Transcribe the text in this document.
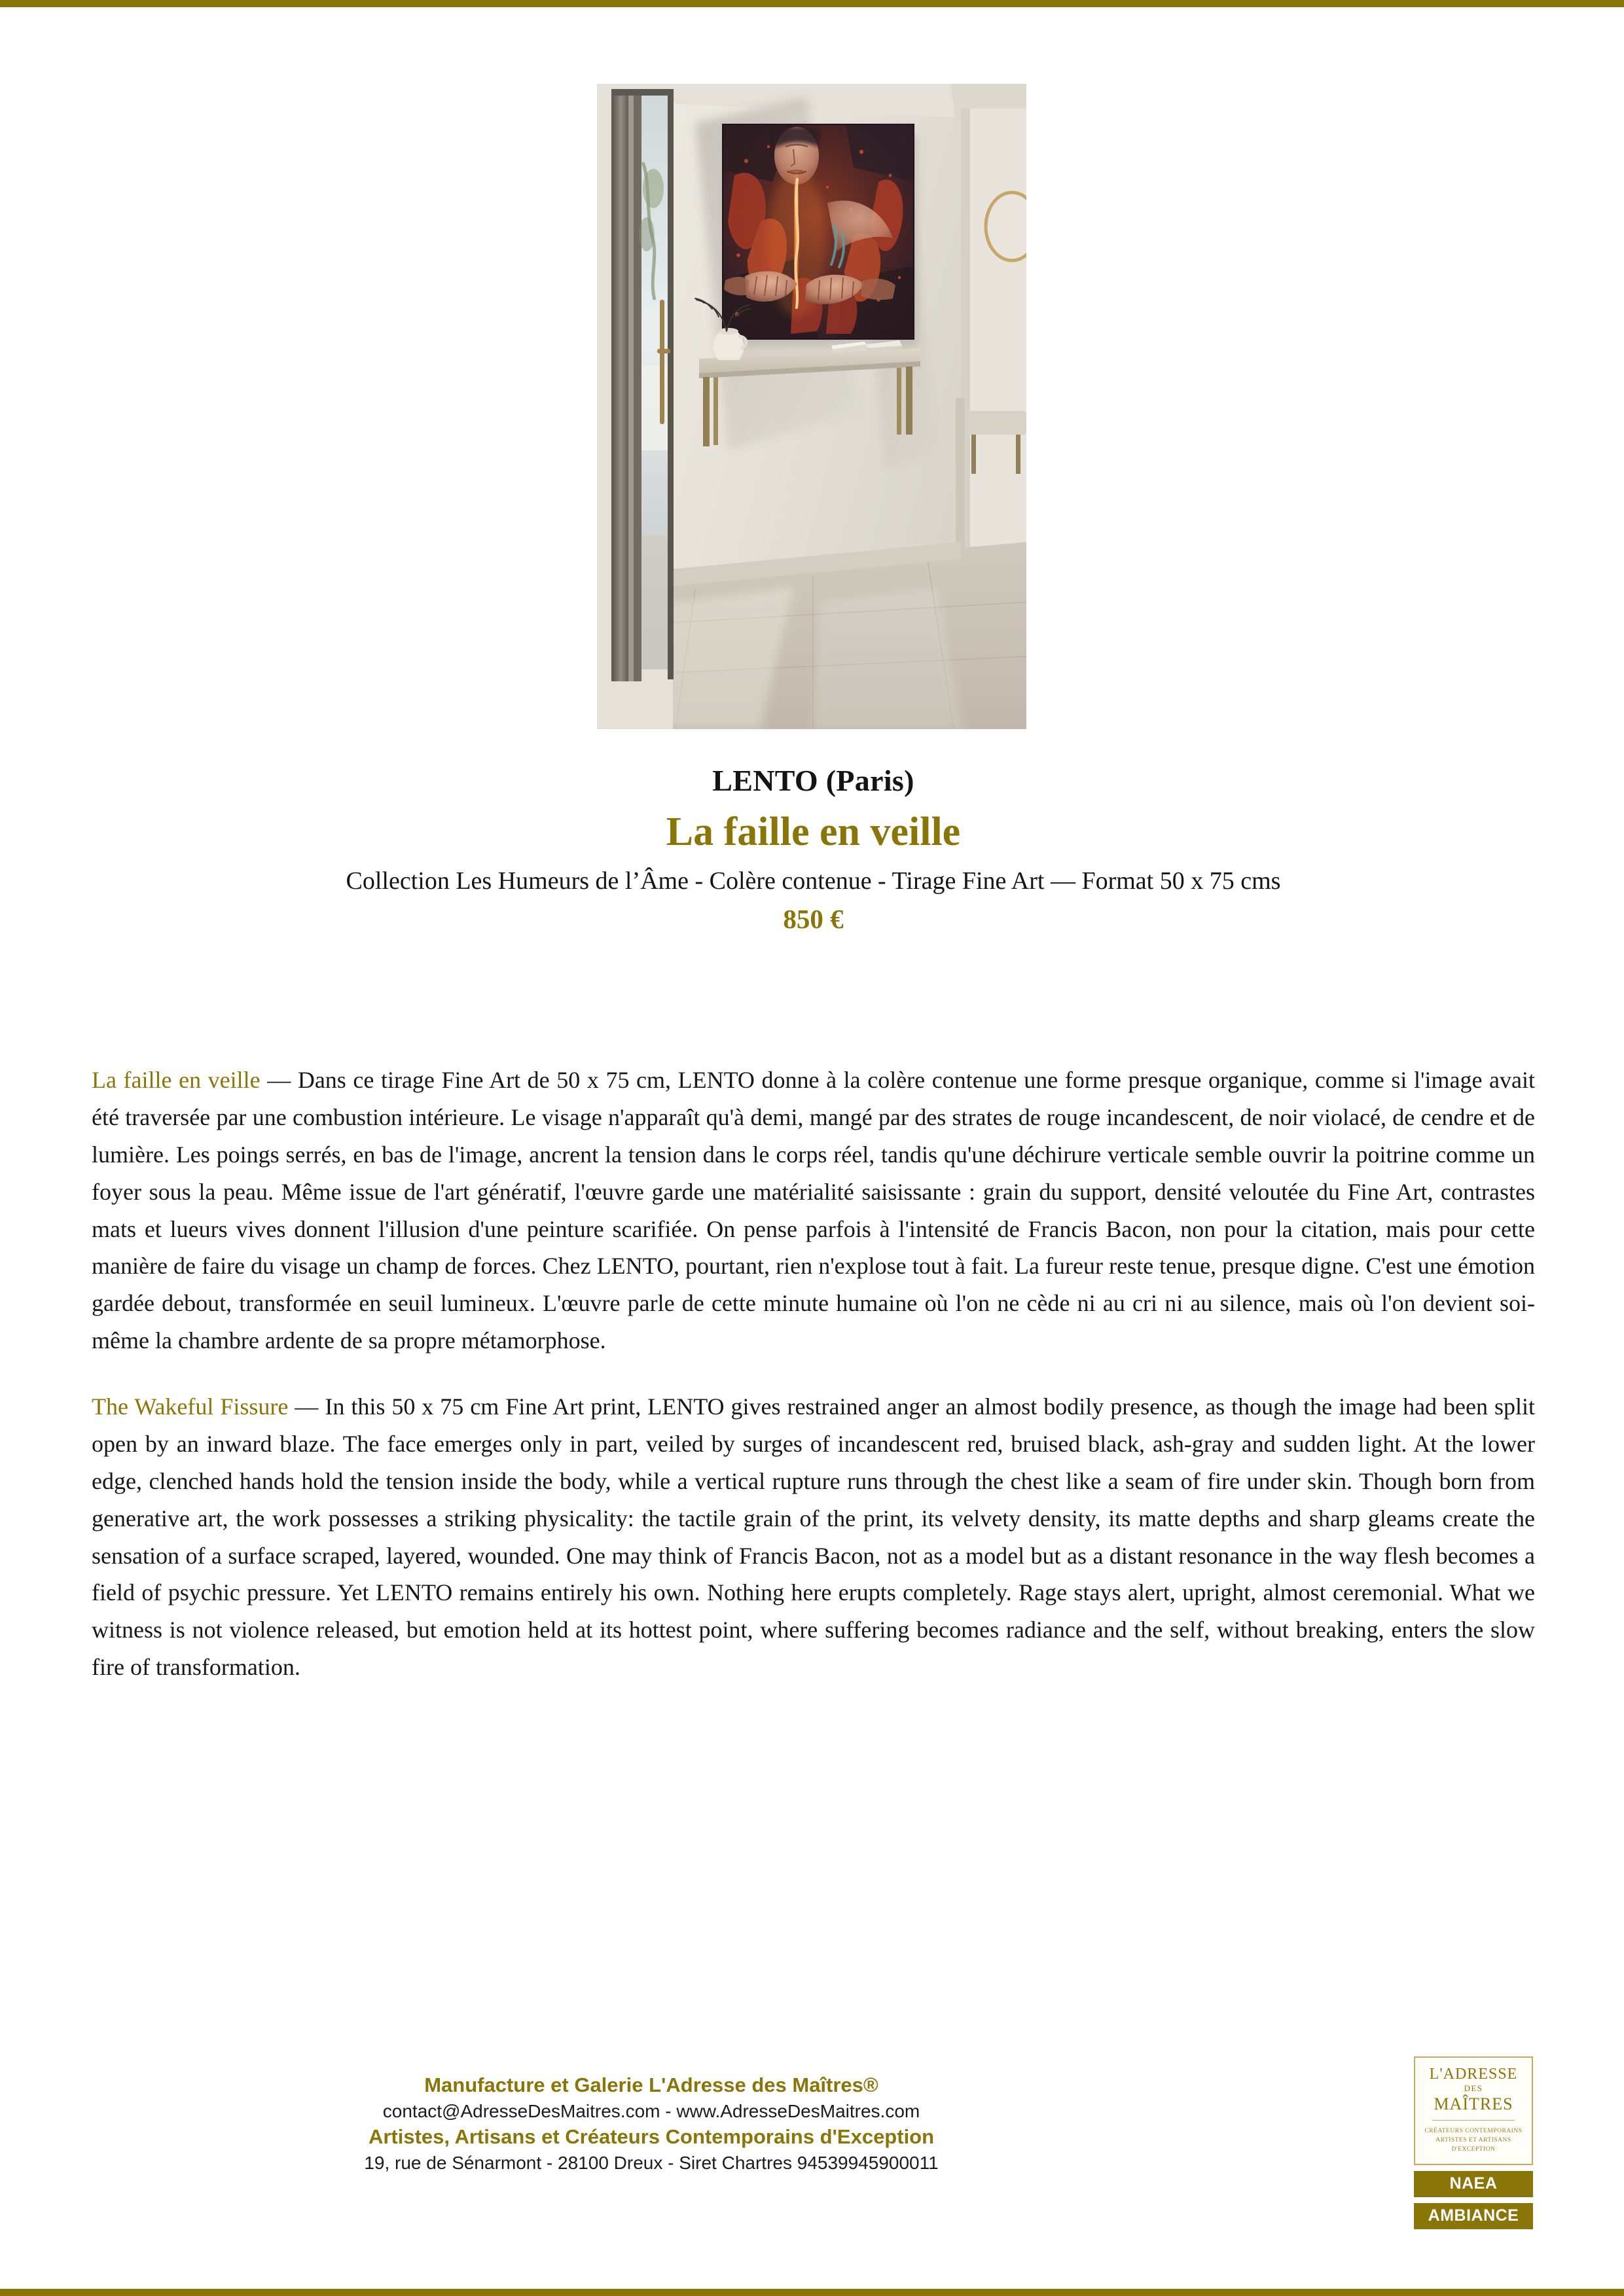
LENTO (Paris)

La faille en veille

Collection Les Humeurs de l’Âme - Colère contenue - Tirage Fine Art — Format 50 x 75 cms

850 €

La faille en veille — Dans ce tirage Fine Art de 50 x 75 cm, LENTO donne à la colère contenue une forme presque organique, comme si l'image avait été traversée par une combustion intérieure. Le visage n'apparaît qu'à demi, mangé par des strates de rouge incandescent, de noir violacé, de cendre et de lumière. Les poings serrés, en bas de l'image, ancrent la tension dans le corps réel, tandis qu'une déchirure verticale semble ouvrir la poitrine comme un foyer sous la peau. Même issue de l'art génératif, l'œuvre garde une matérialité saisissante : grain du support, densité veloutée du Fine Art, contrastes mats et lueurs vives donnent l'illusion d'une peinture scarifiée. On pense parfois à l'intensité de Francis Bacon, non pour la citation, mais pour cette manière de faire du visage un champ de forces. Chez LENTO, pourtant, rien n'explose tout à fait. La fureur reste tenue, presque digne. C'est une émotion gardée debout, transformée en seuil lumineux. L'œuvre parle de cette minute humaine où l'on ne cède ni au cri ni au silence, mais où l'on devient soi-même la chambre ardente de sa propre métamorphose.

The Wakeful Fissure — In this 50 x 75 cm Fine Art print, LENTO gives restrained anger an almost bodily presence, as though the image had been split open by an inward blaze. The face emerges only in part, veiled by surges of incandescent red, bruised black, ash-gray and sudden light. At the lower edge, clenched hands hold the tension inside the body, while a vertical rupture runs through the chest like a seam of fire under skin. Though born from generative art, the work possesses a striking physicality: the tactile grain of the print, its velvety density, its matte depths and sharp gleams create the sensation of a surface scraped, layered, wounded. One may think of Francis Bacon, not as a model but as a distant resonance in the way flesh becomes a field of psychic pressure. Yet LENTO remains entirely his own. Nothing here erupts completely. Rage stays alert, upright, almost ceremonial. What we witness is not violence released, but emotion held at its hottest point, where suffering becomes radiance and the self, without breaking, enters the slow fire of transformation.

Manufacture et Galerie L'Adresse des Maîtres®

contact@AdresseDesMaitres.com - www.AdresseDesMaitres.com

Artistes, Artisans et Créateurs Contemporains d'Exception

19, rue de Sénarmont - 28100 Dreux - Siret Chartres 94539945900011

L'ADRESSE
DES
MAÎTRES
CRÉATEURS CONTEMPORAINS
ARTISTES ET ARTISANS
D'EXCEPTION
NAEA
AMBIANCE
